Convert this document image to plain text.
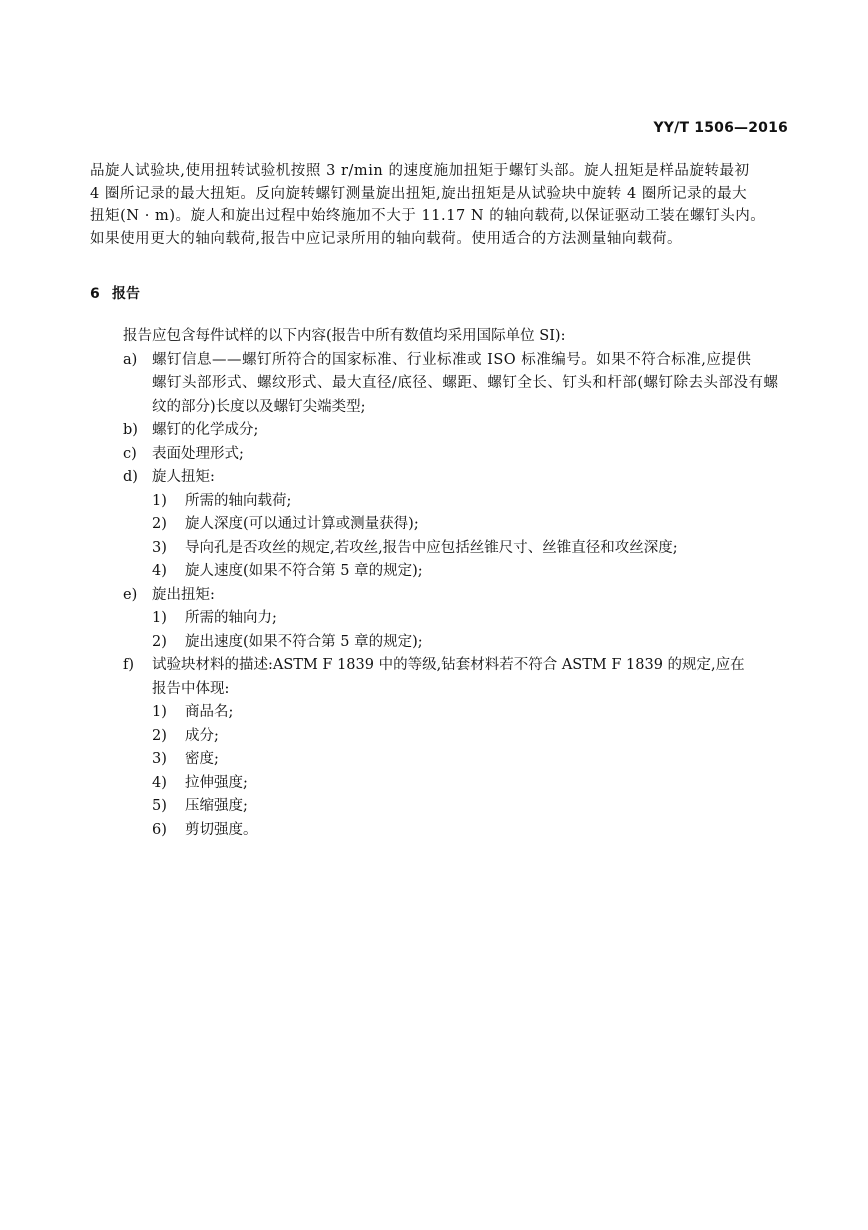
YY/T 1506—2016
品旋人试验块,使用扭转试验机按照 3 r/min 的速度施加扭矩于螺钉头部。旋人扭矩是样品旋转最初
4 圈所记录的最大扭矩。反向旋转螺钉测量旋出扭矩,旋出扭矩是从试验块中旋转 4 圈所记录的最大
扭矩(N · m)。旋人和旋出过程中始终施加不大于 11.17 N 的轴向载荷,以保证驱动工装在螺钉头内。
如果使用更大的轴向载荷,报告中应记录所用的轴向载荷。使用适合的方法测量轴向载荷。
6 报告
报告应包含每件试样的以下内容(报告中所有数值均采用国际单位 SI):
a) 螺钉信息——螺钉所符合的国家标准、行业标准或 ISO 标准编号。如果不符合标准,应提供
螺钉头部形式、螺纹形式、最大直径/底径、螺距、螺钉全长、钉头和杆部(螺钉除去头部没有螺
纹的部分)长度以及螺钉尖端类型;
b) 螺钉的化学成分;
c) 表面处理形式;
d) 旋人扭矩:
1) 所需的轴向载荷;
2) 旋人深度(可以通过计算或测量获得);
3) 导向孔是否攻丝的规定,若攻丝,报告中应包括丝锥尺寸、丝锥直径和攻丝深度;
4) 旋人速度(如果不符合第 5 章的规定);
e) 旋出扭矩:
1) 所需的轴向力;
2) 旋出速度(如果不符合第 5 章的规定);
f) 试验块材料的描述:ASTM F 1839 中的等级,钻套材料若不符合 ASTM F 1839 的规定,应在
报告中体现:
1) 商品名;
2) 成分;
3) 密度;
4) 拉伸强度;
5) 压缩强度;
6) 剪切强度。
